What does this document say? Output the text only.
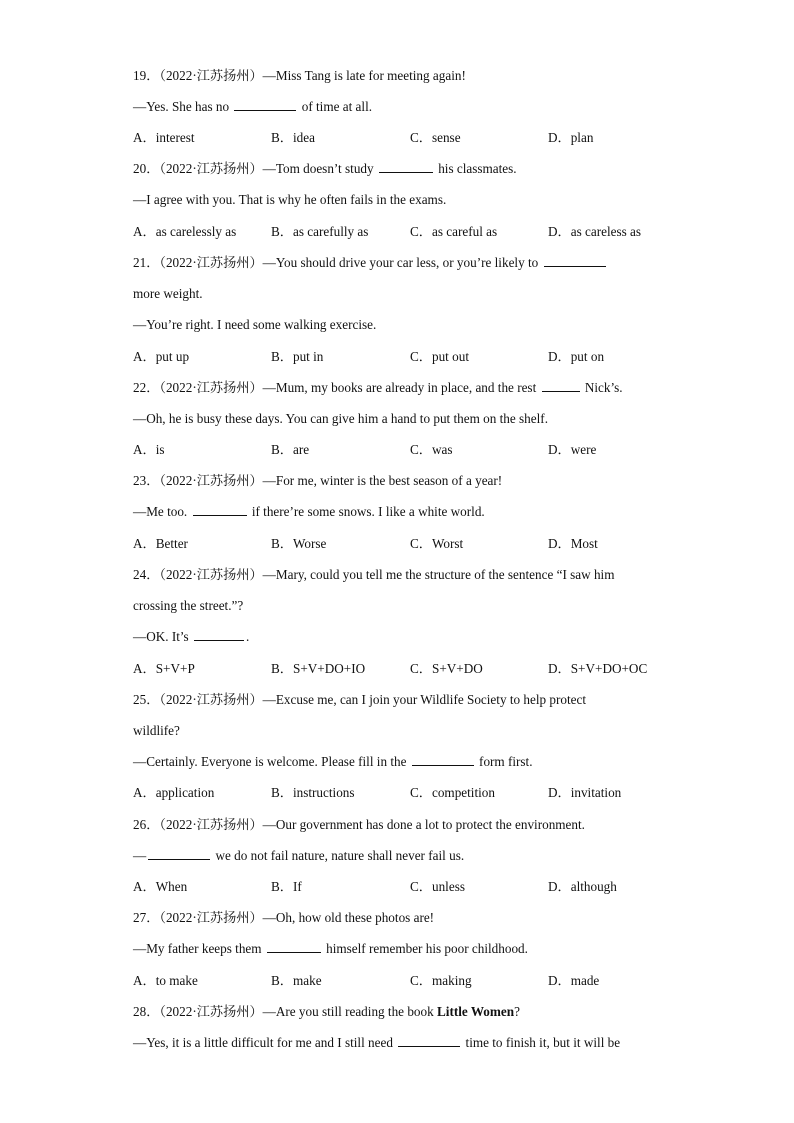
19．（2022·江苏扬州）—Miss Tang is late for meeting again!
—Yes. She has no	of time at all.
A．interest	B．idea	C．sense	D．plan
20．（2022·江苏扬州）—Tom doesn’t study	his classmates.
—I agree with you. That is why he often fails in the exams.
A．as carelessly as	B．as carefully as	C．as careful as	D．as careless as
21．（2022·江苏扬州）—You should drive your car less, or you’re likely to
more weight.
—You’re right. I need some walking exercise.
A．put up	B．put in	C．put out	D．put on
22．（2022·江苏扬州）—Mum, my books are already in place, and the rest	Nick’s.
—Oh, he is busy these days. You can give him a hand to put them on the shelf.
A．is	B．are	C．was	D．were
23．（2022·江苏扬州）—For me, winter is the best season of a year!
—Me too.	if there’re some snows. I like a white world.
A．Better	B．Worse	C．Worst	D．Most
24．（2022·江苏扬州）—Mary, could you tell me the structure of the sentence “I saw him
crossing the street.”?
—OK. It’s	.
A．S+V+P	B．S+V+DO+IO	C．S+V+DO	D．S+V+DO+OC
25．（2022·江苏扬州）—Excuse me, can I join your Wildlife Society to help protect
wildlife?
—Certainly. Everyone is welcome. Please fill in the	form first.
A．application	B．instructions	C．competition	D．invitation
26．（2022·江苏扬州）—Our government has done a lot to protect the environment.
—	we do not fail nature, nature shall never fail us.
A．When	B．If	C．unless	D．although
27．（2022·江苏扬州）—Oh, how old these photos are!
—My father keeps them	himself remember his poor childhood.
A．to make	B．make	C．making	D．made
28．（2022·江苏扬州）—Are you still reading the book Little Women?
—Yes, it is a little difficult for me and I still need	time to finish it, but it will be
